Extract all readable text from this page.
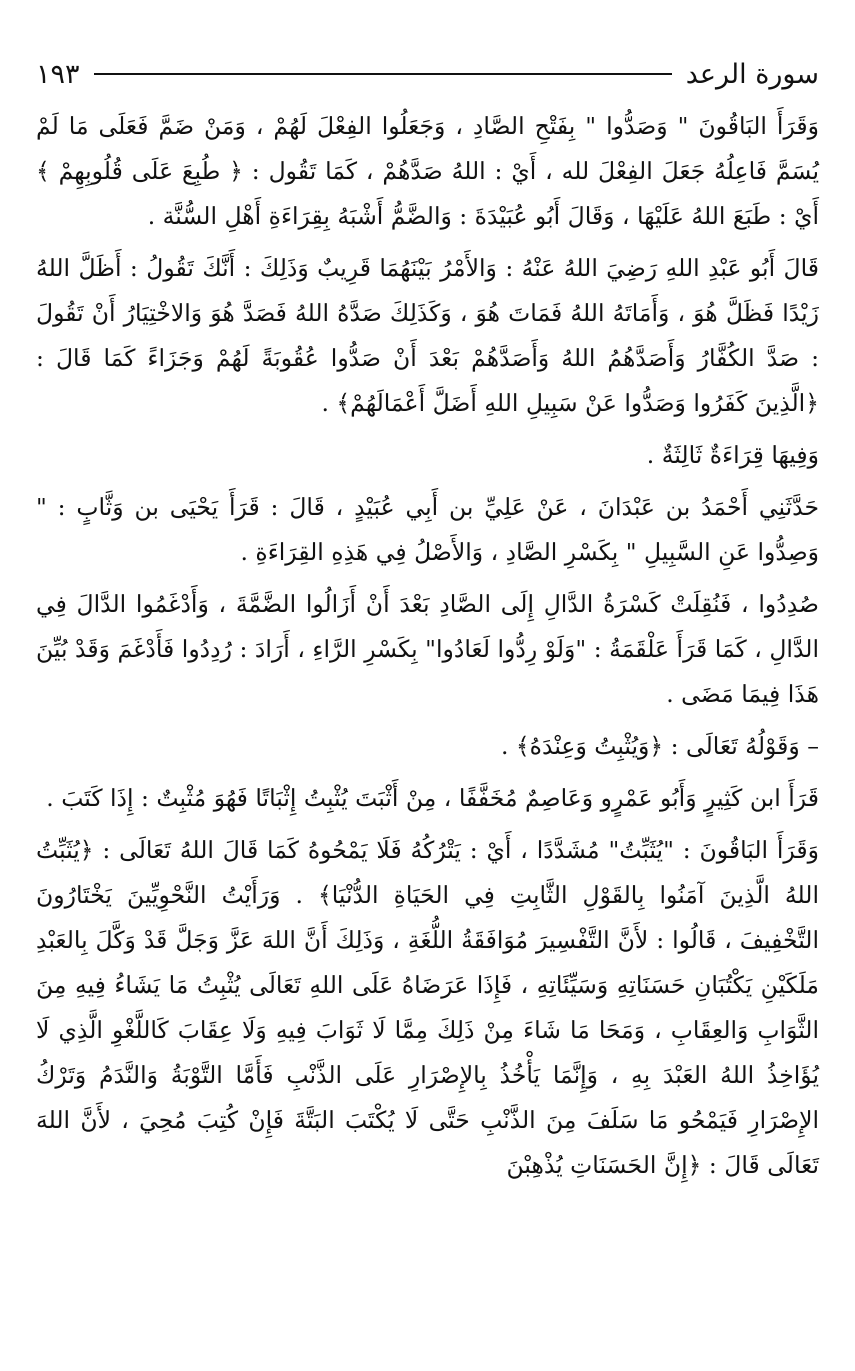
سورة الرعد
١٩٣

وَقَرَأَ البَاقُونَ " وَصَدُّوا " بِفَتْحِ الصَّادِ ، وَجَعَلُوا الفِعْلَ لَهُمْ ، وَمَنْ ضَمَّ فَعَلَى مَا لَمْ يُسَمَّ فَاعِلُهُ جَعَلَ الفِعْلَ لله ، أَيْ : اللهُ صَدَّهُمْ ، كَمَا تَقُول : ﴿ طُبِعَ عَلَى قُلُوبِهِمْ ﴾ أَيْ : طَبَعَ اللهُ عَلَيْهَا ، وَقَالَ أَبُو عُبَيْدَةَ : وَالضَّمُّ أَشْبَهُ بِقِرَاءَةِ أَهْلِ السُّنَّة .

قَالَ أَبُو عَبْدِ اللهِ رَضِيَ اللهُ عَنْهُ : وَالأَمْرُ بَيْنَهُمَا قَرِيبٌ وَذَلِكَ : أَنَّكَ تَقُولُ : أَظَلَّ اللهُ زَيْدًا فَظَلَّ هُوَ ، وَأَمَاتَهُ اللهُ فَمَاتَ هُوَ ، وَكَذَلِكَ صَدَّهُ اللهُ فَصَدَّ هُوَ وَالاخْتِيَارُ أَنْ تَقُولَ : صَدَّ الكُفَّارُ وَأَصَدَّهُمُ اللهُ وَأَصَدَّهُمْ بَعْدَ أَنْ صَدُّوا عُقُوبَةً لَهُمْ وَجَزَاءً كَمَا قَالَ : ﴿الَّذِينَ كَفَرُوا وَصَدُّوا عَنْ سَبِيلِ اللهِ أَضَلَّ أَعْمَالَهُمْ﴾ .

وَفِيهَا قِرَاءَةٌ ثَالِثَةٌ .

حَدَّثَنِي أَحْمَدُ بن عَبْدَانَ ، عَنْ عَلِيِّ بن أَبِي عُبَيْدٍ ، قَالَ : قَرَأَ يَحْيَى بن وَثَّابٍ : " وَصِدُّوا عَنِ السَّبِيلِ " بِكَسْرِ الصَّادِ ، وَالأَصْلُ فِي هَذِهِ القِرَاءَةِ .

صُدِدُوا ، فَنُقِلَتْ كَسْرَةُ الدَّالِ إِلَى الصَّادِ بَعْدَ أَنْ أَزَالُوا الضَّمَّةَ ، وَأَدْغَمُوا الدَّالَ فِي الدَّالِ ، كَمَا قَرَأَ عَلْقَمَةُ : "وَلَوْ رِدُّوا لَعَادُوا" بِكَسْرِ الرَّاءِ ، أَرَادَ : رُدِدُوا فَأَدْغَمَ وَقَدْ بُيِّنَ هَذَا فِيمَا مَضَى .

– وَقَوْلُهُ تَعَالَى : ﴿وَيُثْبِتُ وَعِنْدَهُ﴾ .

قَرَأَ ابن كَثِيرٍ وَأَبُو عَمْرٍو وَعَاصِمٌ مُخَفَّفًا ، مِنْ أَثْبَتَ يُثْبِتُ إِثْبَاتًا فَهُوَ مُثْبِتٌ : إِذَا كَتَبَ .

وَقَرَأَ البَاقُونَ : "يُثَبِّتُ" مُشَدَّدًا ، أَيْ : يَتْرُكُهُ فَلَا يَمْحُوهُ كَمَا قَالَ اللهُ تَعَالَى : ﴿يُثَبِّتُ اللهُ الَّذِينَ آمَنُوا بِالقَوْلِ الثَّابِتِ فِي الحَيَاةِ الدُّنْيَا﴾ . وَرَأَيْتُ النَّحْوِيِّينَ يَخْتَارُونَ التَّخْفِيفَ ، قَالُوا : لأَنَّ التَّفْسِيرَ مُوَافَقَةُ اللُّغَةِ ، وَذَلِكَ أَنَّ اللهَ عَزَّ وَجَلَّ قَدْ وَكَّلَ بِالعَبْدِ مَلَكَيْنِ يَكْتُبَانِ حَسَنَاتِهِ وَسَيِّئَاتِهِ ، فَإِذَا عَرَضَاهُ عَلَى اللهِ تَعَالَى يُثْبِتُ مَا يَشَاءُ فِيهِ مِنَ الثَّوَابِ وَالعِقَابِ ، وَمَحَا مَا شَاءَ مِنْ ذَلِكَ مِمَّا لَا ثَوَابَ فِيهِ وَلَا عِقَابَ كَاللَّغْوِ الَّذِي لَا يُؤَاخِذُ اللهُ العَبْدَ بِهِ ، وَإِنَّمَا يَأْخُذُ بِالإِصْرَارِ عَلَى الذَّنْبِ فَأَمَّا التَّوْبَةُ وَالنَّدَمُ وَتَرْكُ الإِصْرَارِ فَيَمْحُو مَا سَلَفَ مِنَ الذَّنْبِ حَتَّى لَا يُكْتَبَ البَتَّةَ فَإِنْ كُتِبَ مُحِيَ ، لأَنَّ اللهَ تَعَالَى قَالَ : ﴿إِنَّ الحَسَنَاتِ يُذْهِبْنَ
